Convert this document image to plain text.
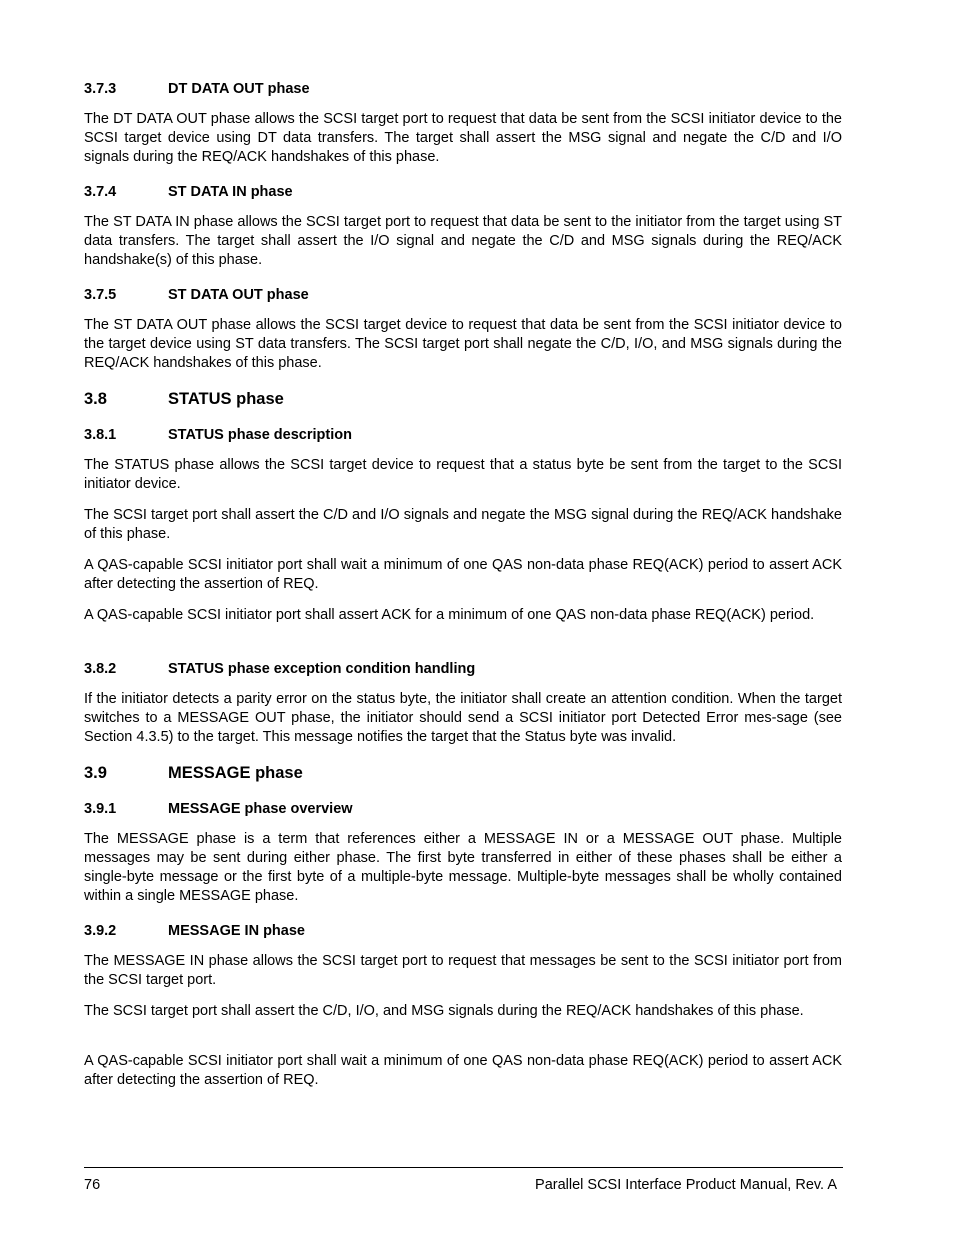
3.7.3	DT DATA OUT phase
The DT DATA OUT phase allows the SCSI target port to request that data be sent from the SCSI initiator device to the SCSI target device using DT data transfers. The target shall assert the MSG signal and negate the C/D and I/O signals during the REQ/ACK handshakes of this phase.
3.7.4	ST DATA IN phase
The ST DATA IN phase allows the SCSI target port to request that data be sent to the initiator from the target using ST data transfers. The target shall assert the I/O signal and negate the C/D and MSG signals during the REQ/ACK handshake(s) of this phase.
3.7.5	ST DATA OUT phase
The ST DATA OUT phase allows the SCSI target device to request that data be sent from the SCSI initiator device to the target device using ST data transfers. The SCSI target port shall negate the C/D, I/O, and MSG signals during the REQ/ACK handshakes of this phase.
3.8	STATUS phase
3.8.1	STATUS phase description
The STATUS phase allows the SCSI target device to request that a status byte be sent from the target to the SCSI initiator device.
The SCSI target port shall assert the C/D and I/O signals and negate the MSG signal during the REQ/ACK handshake of this phase.
A QAS-capable SCSI initiator port shall wait a minimum of one QAS non-data phase REQ(ACK) period to assert ACK after detecting the assertion of REQ.
A QAS-capable SCSI initiator port shall assert ACK for a minimum of one QAS non-data phase REQ(ACK) period.
3.8.2	STATUS phase exception condition handling
If the initiator detects a parity error on the status byte, the initiator shall create an attention condition. When the target switches to a MESSAGE OUT phase, the initiator should send a SCSI initiator port Detected Error mes-sage (see Section 4.3.5) to the target. This message notifies the target that the Status byte was invalid.
3.9	MESSAGE phase
3.9.1	MESSAGE phase overview
The MESSAGE phase is a term that references either a MESSAGE IN or a MESSAGE OUT phase. Multiple messages may be sent during either phase. The first byte transferred in either of these phases shall be either a single-byte message or the first byte of a multiple-byte message. Multiple-byte messages shall be wholly contained within a single MESSAGE phase.
3.9.2	MESSAGE IN phase
The MESSAGE IN phase allows the SCSI target port to request that messages be sent to the SCSI initiator port from the SCSI target port.
The SCSI target port shall assert the C/D, I/O, and MSG signals during the REQ/ACK handshakes of this phase.
A QAS-capable SCSI initiator port shall wait a minimum of one QAS non-data phase REQ(ACK) period to assert ACK after detecting the assertion of REQ.
76	Parallel SCSI Interface Product Manual, Rev. A
